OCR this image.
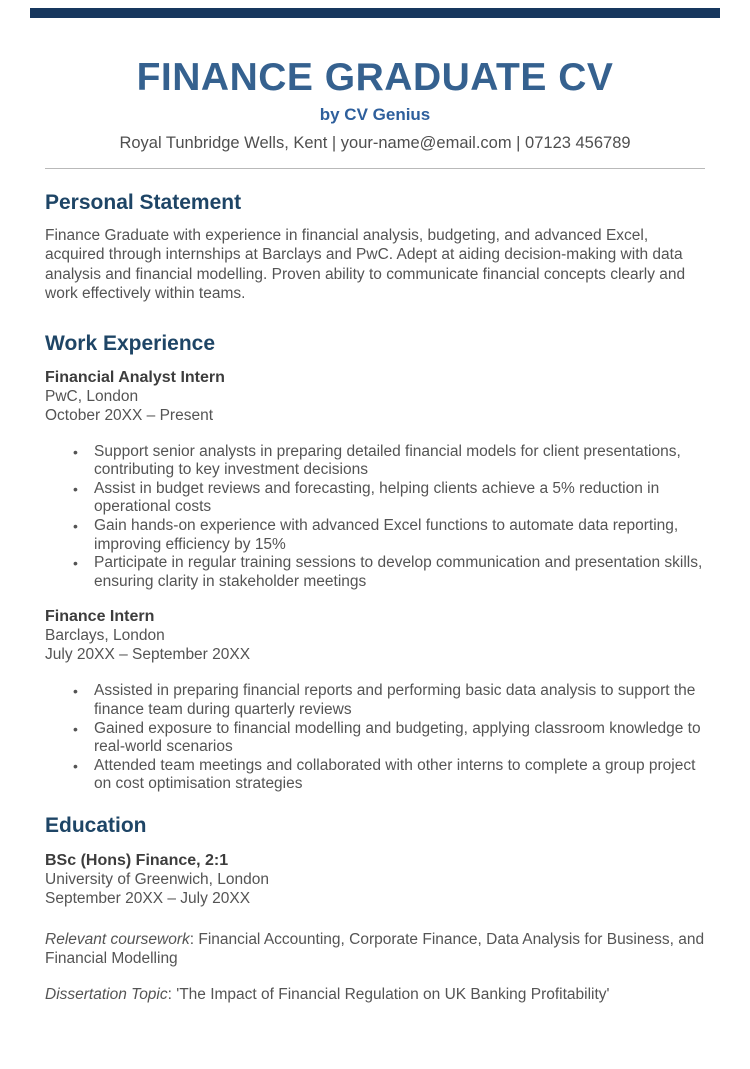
FINANCE GRADUATE CV
by CV Genius
Royal Tunbridge Wells, Kent | your-name@email.com | 07123 456789
Personal Statement

Finance Graduate with experience in financial analysis, budgeting, and advanced Excel, acquired through internships at Barclays and PwC. Adept at aiding decision-making with data analysis and financial modelling. Proven ability to communicate financial concepts clearly and work effectively within teams.

Work Experience

Financial Analyst Intern

PwC, London

October 20XX – Present

•	Support senior analysts in preparing detailed financial models for client presentations, contributing to key investment decisions
•	Assist in budget reviews and forecasting, helping clients achieve a 5% reduction in operational costs
•	Gain hands-on experience with advanced Excel functions to automate data reporting, improving efficiency by 15%
•	Participate in regular training sessions to develop communication and presentation skills, ensuring clarity in stakeholder meetings

Finance Intern

Barclays, London

July 20XX – September 20XX

•	Assisted in preparing financial reports and performing basic data analysis to support the finance team during quarterly reviews
•	Gained exposure to financial modelling and budgeting, applying classroom knowledge to real-world scenarios
•	Attended team meetings and collaborated with other interns to complete a group project on cost optimisation strategies
Education

BSc (Hons) Finance, 2:1

University of Greenwich, London

September 20XX – July 20XX

Relevant coursework: Financial Accounting, Corporate Finance, Data Analysis for Business, and Financial Modelling

Dissertation Topic: 'The Impact of Financial Regulation on UK Banking Profitability'
